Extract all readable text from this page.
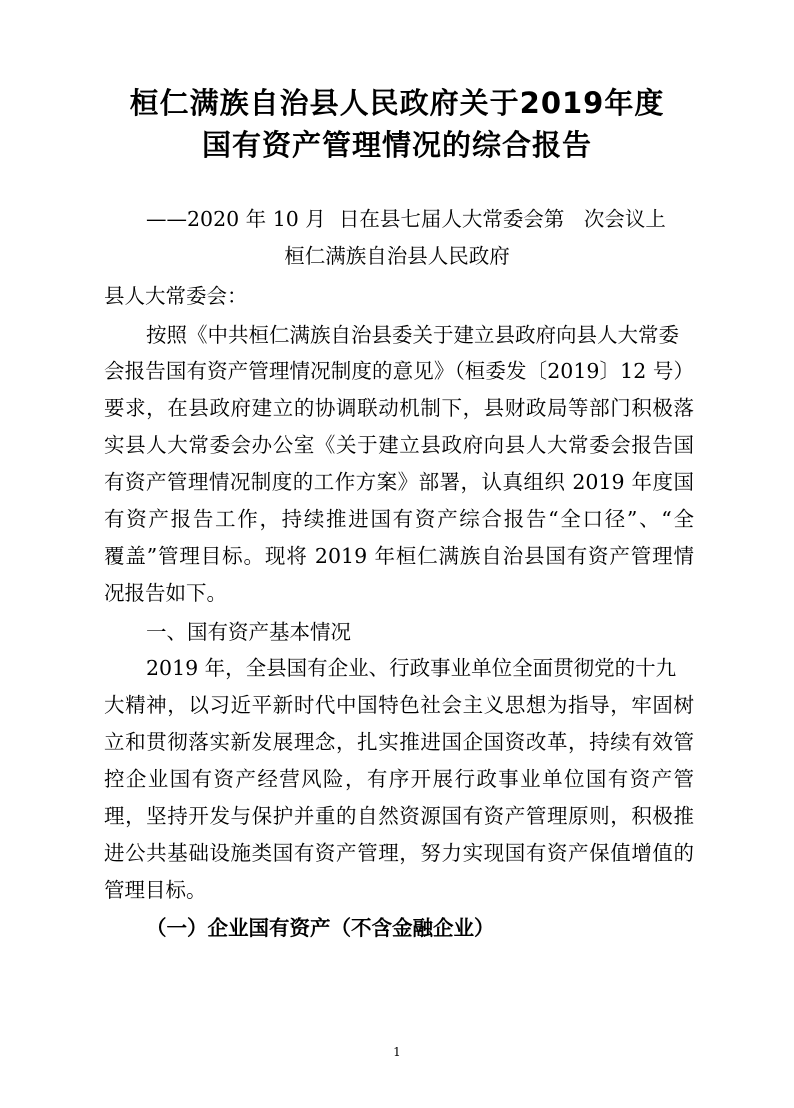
桓仁满族自治县人民政府关于2019年度
国有资产管理情况的综合报告
——2020 年 10 月  日在县七届人大常委会第   次会议上
桓仁满族自治县人民政府
县人大常委会：
按照《中共桓仁满族自治县委关于建立县政府向县人大常委
会报告国有资产管理情况制度的意见》（桓委发〔2019〕12 号）
要求，在县政府建立的协调联动机制下，县财政局等部门积极落
实县人大常委会办公室《关于建立县政府向县人大常委会报告国
有资产管理情况制度的工作方案》部署，认真组织 2019 年度国
有资产报告工作，持续推进国有资产综合报告“全口径”、“全
覆盖”管理目标。现将 2019 年桓仁满族自治县国有资产管理情
况报告如下。
一、国有资产基本情况
2019 年，全县国有企业、行政事业单位全面贯彻党的十九
大精神，以习近平新时代中国特色社会主义思想为指导，牢固树
立和贯彻落实新发展理念，扎实推进国企国资改革，持续有效管
控企业国有资产经营风险，有序开展行政事业单位国有资产管
理，坚持开发与保护并重的自然资源国有资产管理原则，积极推
进公共基础设施类国有资产管理，努力实现国有资产保值增值的
管理目标。
（一）企业国有资产（不含金融企业）
1
